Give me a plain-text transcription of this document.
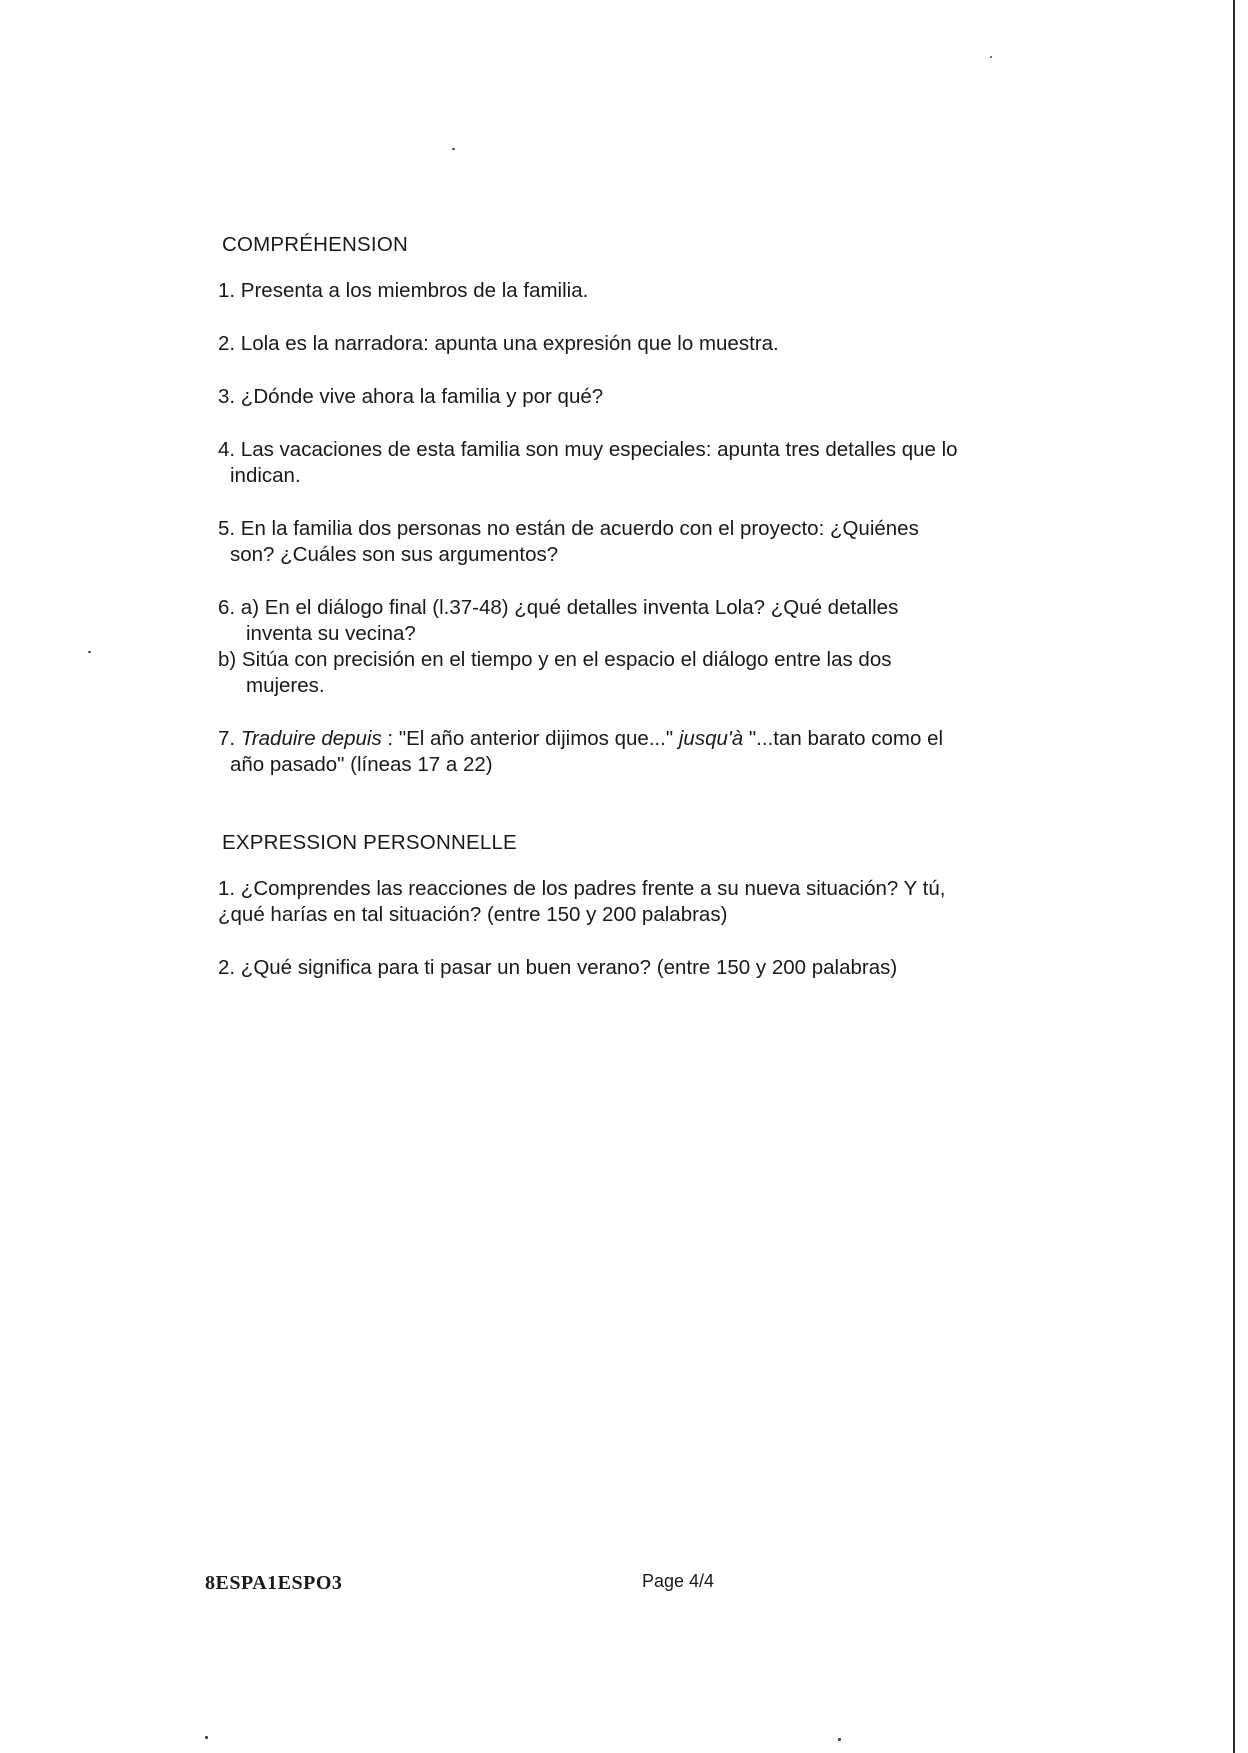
COMPRÉHENSION

1. Presenta a los miembros de la familia.

2. Lola es la narradora: apunta una expresión que lo muestra.

3. ¿Dónde vive ahora la familia y por qué?

4. Las vacaciones de esta familia son muy especiales: apunta tres detalles que lo
indican.

5. En la familia dos personas no están de acuerdo con el proyecto: ¿Quiénes
son? ¿Cuáles son sus argumentos?

6. a) En el diálogo final (l.37-48) ¿qué detalles inventa Lola? ¿Qué detalles
inventa su vecina?

b) Sitúa con precisión en el tiempo y en el espacio el diálogo entre las dos
mujeres.

7. Traduire depuis : "El año anterior dijimos que..." jusqu'à "...tan barato como el
año pasado" (líneas 17 a 22)

EXPRESSION PERSONNELLE

1. ¿Comprendes las reacciones de los padres frente a su nueva situación? Y tú,
¿qué harías en tal situación? (entre 150 y 200 palabras)

2. ¿Qué significa para ti pasar un buen verano? (entre 150 y 200 palabras)

8ESPA1ESPO3	Page 4/4
